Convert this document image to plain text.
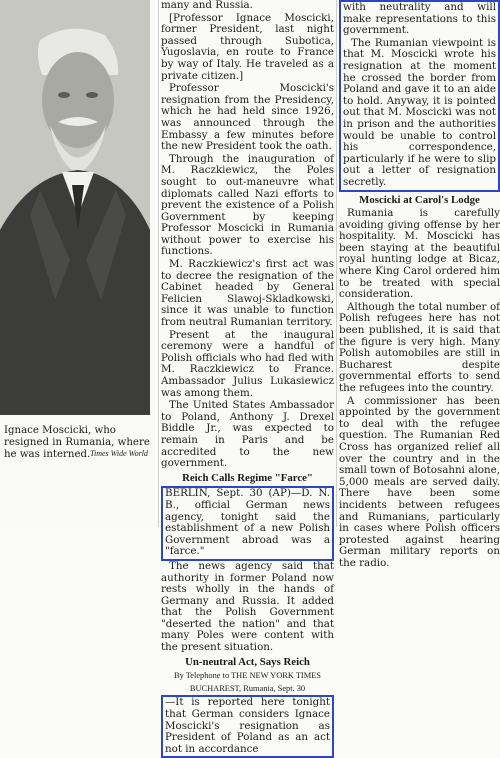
Ignace Moscicki, who resigned in Rumania, where he was interned. Times Wide World

many and Russia.

[Professor Ignace Moscicki, former President, last night passed through Subotica, Yugoslavia, en route to France by way of Italy. He traveled as a private citizen.]

Professor Moscicki's resignation from the Presidency, which he had held since 1926, was announced through the Embassy a few minutes before the new President took the oath.

Through the inauguration of M. Raczkiewicz, the Poles sought to out-maneuvre what diplomats called Nazi efforts to prevent the existence of a Polish Government by keeping Professor Moscicki in Rumania without power to exercise his functions.

M. Raczkiewicz's first act was to decree the resignation of the Cabinet headed by General Felicien Slawoj-Skladkowski, since it was unable to function from neutral Rumanian territory.

Present at the inaugural ceremony were a handful of Polish officials who had fled with M. Raczkiewicz to France. Ambassador Julius Lukasiewicz was among them.

The United States Ambassador to Poland, Anthony J. Drexel Biddle Jr., was expected to remain in Paris and be accredited to the new government.

Reich Calls Regime "Farce"

BERLIN, Sept. 30 (AP)—D. N. B., official German news agency, tonight said the establishment of a new Polish Government abroad was a "farce."

The news agency said that authority in former Poland now rests wholly in the hands of Germany and Russia. It added that the Polish Government "deserted the nation" and that many Poles were content with the present situation.

Un-neutral Act, Says Reich
By Telephone to THE NEW YORK TIMES
BUCHAREST, Rumania, Sept. 30

—It is reported here tonight that German considers Ignace Moscicki's resignation as President of Poland as an act not in accordance

with neutrality and will make representations to this government.

The Rumanian viewpoint is that M. Moscicki wrote his resignation at the moment he crossed the border from Poland and gave it to an aide to hold. Anyway, it is pointed out that M. Moscicki was not in prison and the authorities would be unable to control his correspondence, particularly if he were to slip out a letter of resignation secretly.

Moscicki at Carol's Lodge

Rumania is carefully avoiding giving offense by her hospitality. M. Moscicki has been staying at the beautiful royal hunting lodge at Bicaz, where King Carol ordered him to be treated with special consideration.

Although the total number of Polish refugees here has not been published, it is said that the figure is very high. Many Polish automobiles are still in Bucharest despite governmental efforts to send the refugees into the country.

A commissioner has been appointed by the government to deal with the refugee question. The Rumanian Red Cross has organized relief all over the country and in the small town of Botosahni alone, 5,000 meals are served daily. There have been some incidents between refugees and Rumanians, particularly in cases where Polish officers protested against hearing German military reports on the radio.
